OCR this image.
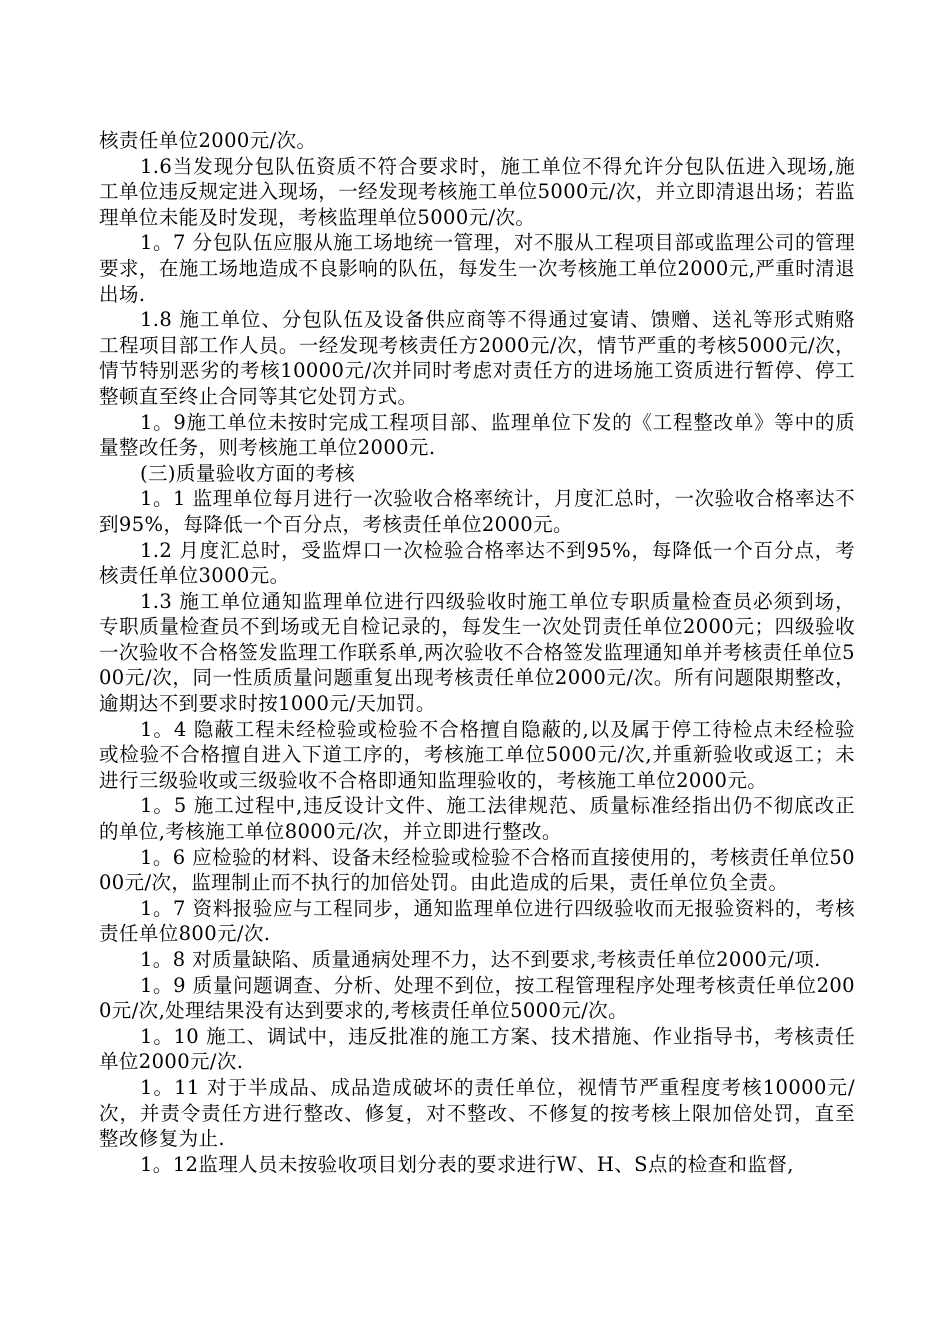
核责任单位2000元/次。

1.6当发现分包队伍资质不符合要求时，施工单位不得允许分包队伍进入现场,施工单位违反规定进入现场，一经发现考核施工单位5000元/次，并立即清退出场；若监理单位未能及时发现，考核监理单位5000元/次。

1。7 分包队伍应服从施工场地统一管理，对不服从工程项目部或监理公司的管理要求，在施工场地造成不良影响的队伍，每发生一次考核施工单位2000元,严重时清退出场.

1.8 施工单位、分包队伍及设备供应商等不得通过宴请、馈赠、送礼等形式贿赂工程项目部工作人员。一经发现考核责任方2000元/次，情节严重的考核5000元/次，情节特别恶劣的考核10000元/次并同时考虑对责任方的进场施工资质进行暂停、停工整顿直至终止合同等其它处罚方式。

1。9施工单位未按时完成工程项目部、监理单位下发的《工程整改单》等中的质量整改任务，则考核施工单位2000元.

(三)质量验收方面的考核

1。1 监理单位每月进行一次验收合格率统计，月度汇总时，一次验收合格率达不到95%，每降低一个百分点，考核责任单位2000元。

1.2 月度汇总时，受监焊口一次检验合格率达不到95%，每降低一个百分点，考核责任单位3000元。

1.3 施工单位通知监理单位进行四级验收时施工单位专职质量检查员必须到场，专职质量检查员不到场或无自检记录的，每发生一次处罚责任单位2000元；四级验收一次验收不合格签发监理工作联系单,两次验收不合格签发监理通知单并考核责任单位500元/次，同一性质质量问题重复出现考核责任单位2000元/次。所有问题限期整改，逾期达不到要求时按1000元/天加罚。

1。4 隐蔽工程未经检验或检验不合格擅自隐蔽的,以及属于停工待检点未经检验或检验不合格擅自进入下道工序的，考核施工单位5000元/次,并重新验收或返工；未进行三级验收或三级验收不合格即通知监理验收的，考核施工单位2000元。

1。5 施工过程中,违反设计文件、施工法律规范、质量标准经指出仍不彻底改正的单位,考核施工单位8000元/次，并立即进行整改。

1。6 应检验的材料、设备未经检验或检验不合格而直接使用的，考核责任单位5000元/次，监理制止而不执行的加倍处罚。由此造成的后果，责任单位负全责。

1。7 资料报验应与工程同步，通知监理单位进行四级验收而无报验资料的，考核责任单位800元/次.

1。8 对质量缺陷、质量通病处理不力，达不到要求,考核责任单位2000元/项.

1。9 质量问题调查、分析、处理不到位，按工程管理程序处理考核责任单位2000元/次,处理结果没有达到要求的,考核责任单位5000元/次。

1。10 施工、调试中，违反批准的施工方案、技术措施、作业指导书，考核责任单位2000元/次.

1。11 对于半成品、成品造成破坏的责任单位，视情节严重程度考核10000元/次，并责令责任方进行整改、修复，对不整改、不修复的按考核上限加倍处罚，直至整改修复为止.

1。12监理人员未按验收项目划分表的要求进行W、H、S点的检查和监督,
